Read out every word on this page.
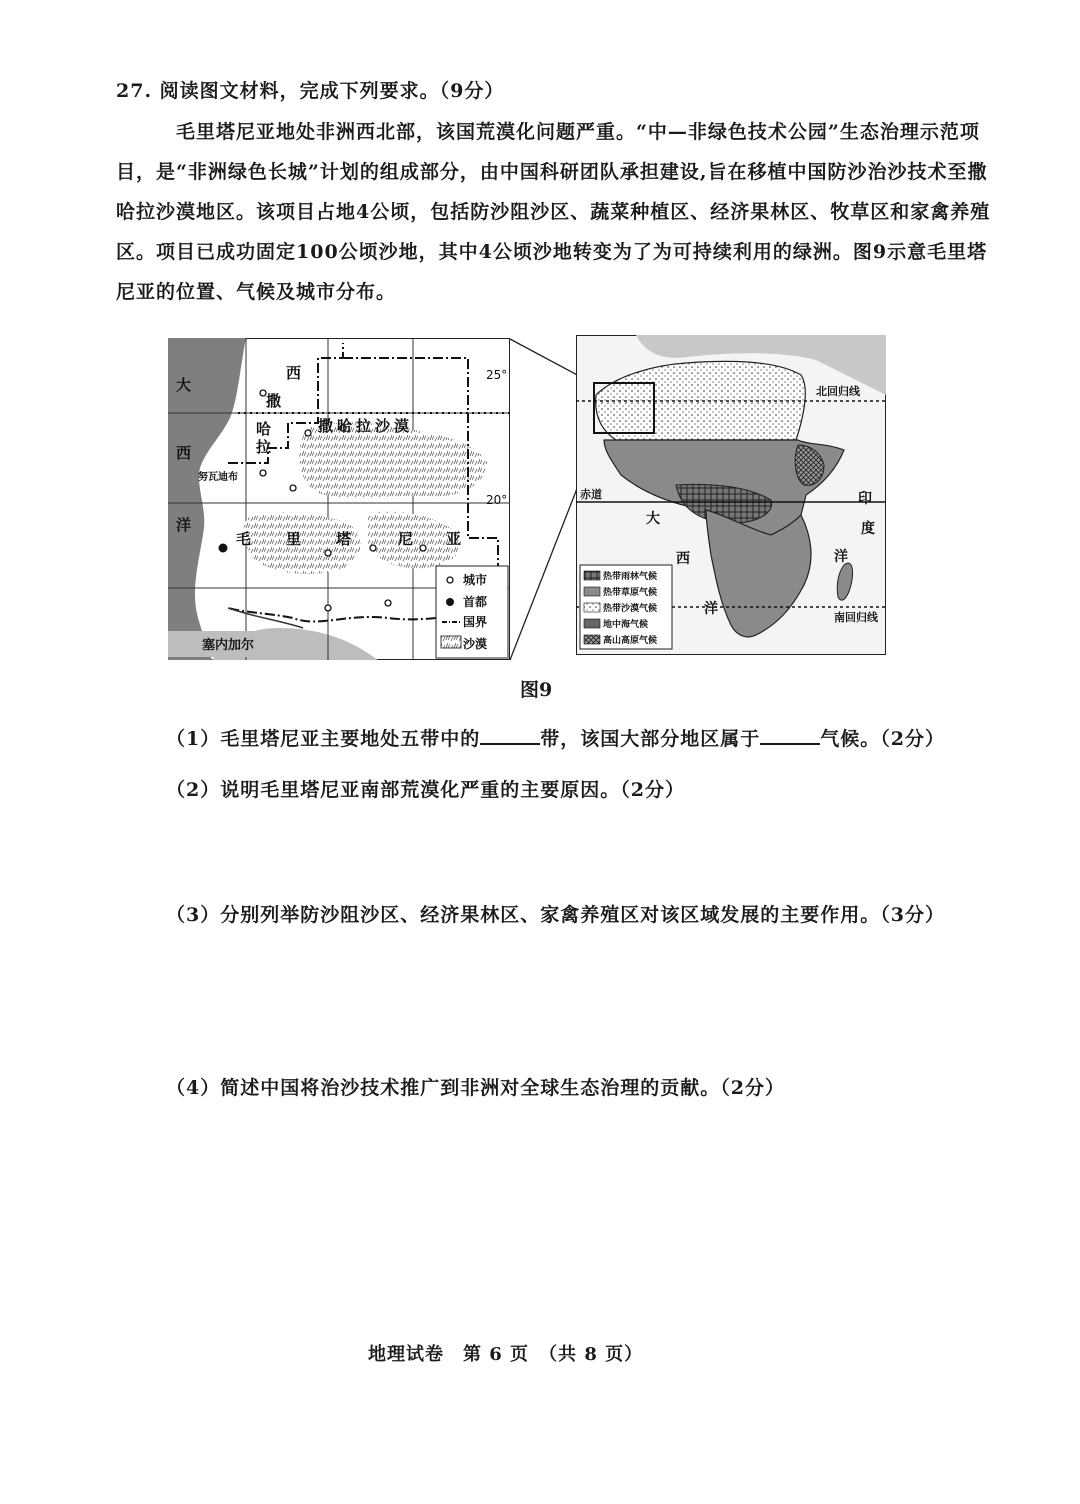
27. 阅读图文材料，完成下列要求。（9分）
毛里塔尼亚地处非洲西北部，该国荒漠化问题严重。“中—非绿色技术公园”生态治理示范项目，是“非洲绿色长城”计划的组成部分，由中国科研团队承担建设,旨在移植中国防沙治沙技术至撒哈拉沙漠地区。该项目占地4公顷，包括防沙阻沙区、蔬菜种植区、经济果林区、牧草区和家禽养殖区。项目已成功固定100公顷沙地，其中4公顷沙地转变为了为可持续利用的绿洲。图9示意毛里塔尼亚的位置、气候及城市分布。
大
西
洋
西
撒
哈
拉
撒哈拉沙漠
毛 里 塔	尼 亚
努瓦迪布
塞内加尔
25°
20°
城市
首都
国界
沙漠
北回归线
赤道
南回归线
大
西
洋
印
度
洋
热带雨林气候
热带草原气候
热带沙漠气候
地中海气候
高山高原气候
图9
（1）毛里塔尼亚主要地处五带中的	带，该国大部分地区属于	气候。（2分）
（2）说明毛里塔尼亚南部荒漠化严重的主要原因。（2分）
（3）分别列举防沙阻沙区、经济果林区、家禽养殖区对该区域发展的主要作用。（3分）
（4）简述中国将治沙技术推广到非洲对全球生态治理的贡献。（2分）
地理试卷　第 6 页　（共 8 页）
